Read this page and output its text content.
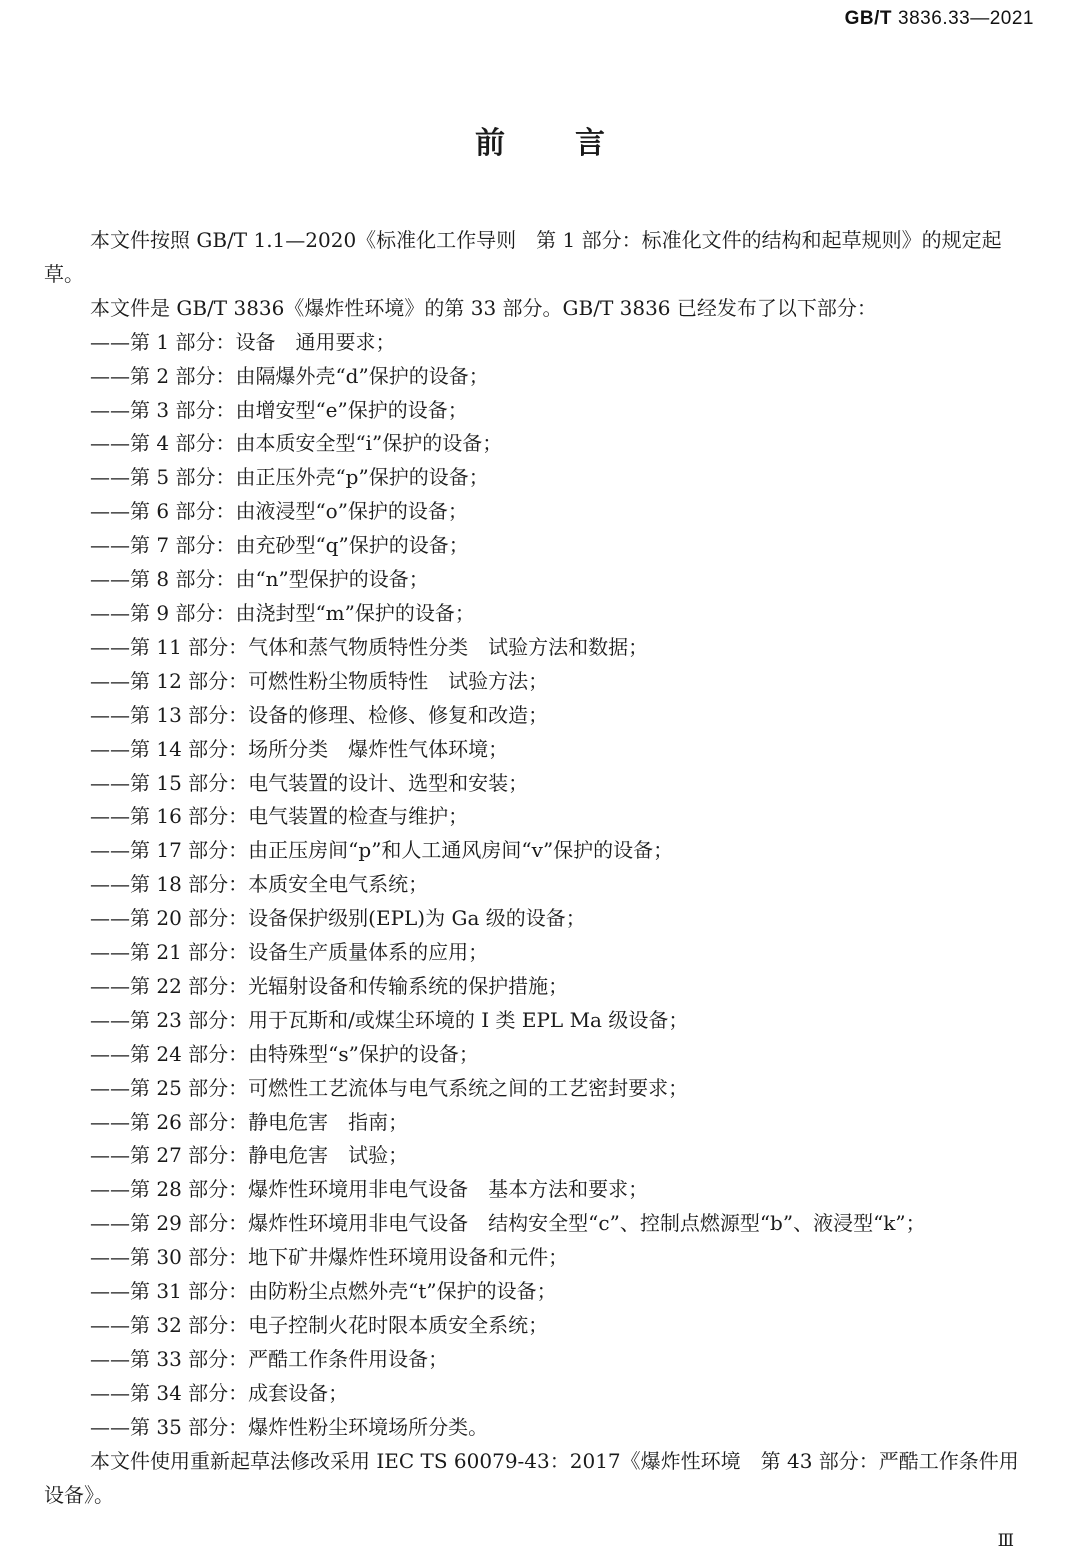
GB/T 3836.33—2021
前言

本文件按照 GB/T 1.1—2020《标准化工作导则　第 1 部分：标准化文件的结构和起草规则》的规定起草。

本文件是 GB/T 3836《爆炸性环境》的第 33 部分。GB/T 3836 已经发布了以下部分：

——第 1 部分：设备　通用要求；
——第 2 部分：由隔爆外壳“d”保护的设备；
——第 3 部分：由增安型“e”保护的设备；
——第 4 部分：由本质安全型“i”保护的设备；
——第 5 部分：由正压外壳“p”保护的设备；
——第 6 部分：由液浸型“o”保护的设备；
——第 7 部分：由充砂型“q”保护的设备；
——第 8 部分：由“n”型保护的设备；
——第 9 部分：由浇封型“m”保护的设备；
——第 11 部分：气体和蒸气物质特性分类　试验方法和数据；
——第 12 部分：可燃性粉尘物质特性　试验方法；
——第 13 部分：设备的修理、检修、修复和改造；
——第 14 部分：场所分类　爆炸性气体环境；
——第 15 部分：电气装置的设计、选型和安装；
——第 16 部分：电气装置的检查与维护；
——第 17 部分：由正压房间“p”和人工通风房间“v”保护的设备；
——第 18 部分：本质安全电气系统；
——第 20 部分：设备保护级别(EPL)为 Ga 级的设备；
——第 21 部分：设备生产质量体系的应用；
——第 22 部分：光辐射设备和传输系统的保护措施；
——第 23 部分：用于瓦斯和/或煤尘环境的 I 类 EPL Ma 级设备；
——第 24 部分：由特殊型“s”保护的设备；
——第 25 部分：可燃性工艺流体与电气系统之间的工艺密封要求；
——第 26 部分：静电危害　指南；
——第 27 部分：静电危害　试验；
——第 28 部分：爆炸性环境用非电气设备　基本方法和要求；
——第 29 部分：爆炸性环境用非电气设备　结构安全型“c”、控制点燃源型“b”、液浸型“k”；
——第 30 部分：地下矿井爆炸性环境用设备和元件；
——第 31 部分：由防粉尘点燃外壳“t”保护的设备；
——第 32 部分：电子控制火花时限本质安全系统；
——第 33 部分：严酷工作条件用设备；
——第 34 部分：成套设备；
——第 35 部分：爆炸性粉尘环境场所分类。

本文件使用重新起草法修改采用 IEC TS 60079-43：2017《爆炸性环境　第 43 部分：严酷工作条件用设备》。

Ⅲ
